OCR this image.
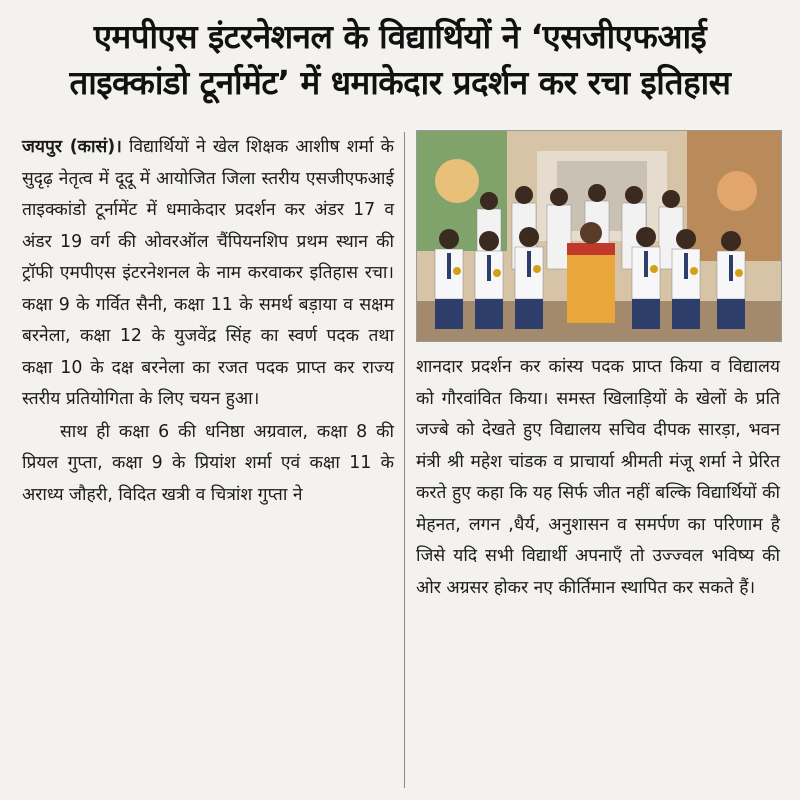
एमपीएस इंटरनेशनल के विद्यार्थियों ने ‘एसजीएफआई
ताइक्कांडो टूर्नामेंट’ में धमाकेदार प्रदर्शन कर रचा इतिहास

जयपुर (कासं)। विद्यार्थियों ने खेल शिक्षक आशीष शर्मा के सुदृढ़ नेतृत्व में दूदू में आयोजित जिला स्तरीय एसजीएफआई ताइक्कांडो टूर्नामेंट में धमाकेदार प्रदर्शन कर अंडर 17 व अंडर 19 वर्ग की ओवरऑल चैंपियनशिप प्रथम स्थान की ट्रॉफी एमपीएस इंटरनेशनल के नाम करवाकर इतिहास रचा। कक्षा 9 के गर्वित सैनी, कक्षा 11 के समर्थ बड़ाया व सक्षम बरनेला, कक्षा 12 के युजवेंद्र सिंह का स्वर्ण पदक तथा कक्षा 10 के दक्ष बरनेला का रजत पदक प्राप्त कर राज्य स्तरीय प्रतियोगिता के लिए चयन हुआ।

साथ ही कक्षा 6 की धनिष्ठा अग्रवाल, कक्षा 8 की प्रियल गुप्ता, कक्षा 9 के प्रियांश शर्मा एवं कक्षा 11 के अराध्य जौहरी, विदित खत्री व चित्रांश गुप्ता ने

शानदार प्रदर्शन कर कांस्य पदक प्राप्त किया व विद्यालय को गौरवांवित किया। समस्त खिलाड़ियों के खेलों के प्रति जज्बे को देखते हुए विद्यालय सचिव दीपक सारड़ा, भवन मंत्री श्री महेश चांडक व प्राचार्या श्रीमती मंजू शर्मा ने प्रेरित करते हुए कहा कि यह सिर्फ जीत नहीं बल्कि विद्यार्थियों की मेहनत, लगन ,धैर्य, अनुशासन व समर्पण का परिणाम है जिसे यदि सभी विद्यार्थी अपनाएँ तो उज्ज्वल भविष्य की ओर अग्रसर होकर नए कीर्तिमान स्थापित कर सकते हैं।
